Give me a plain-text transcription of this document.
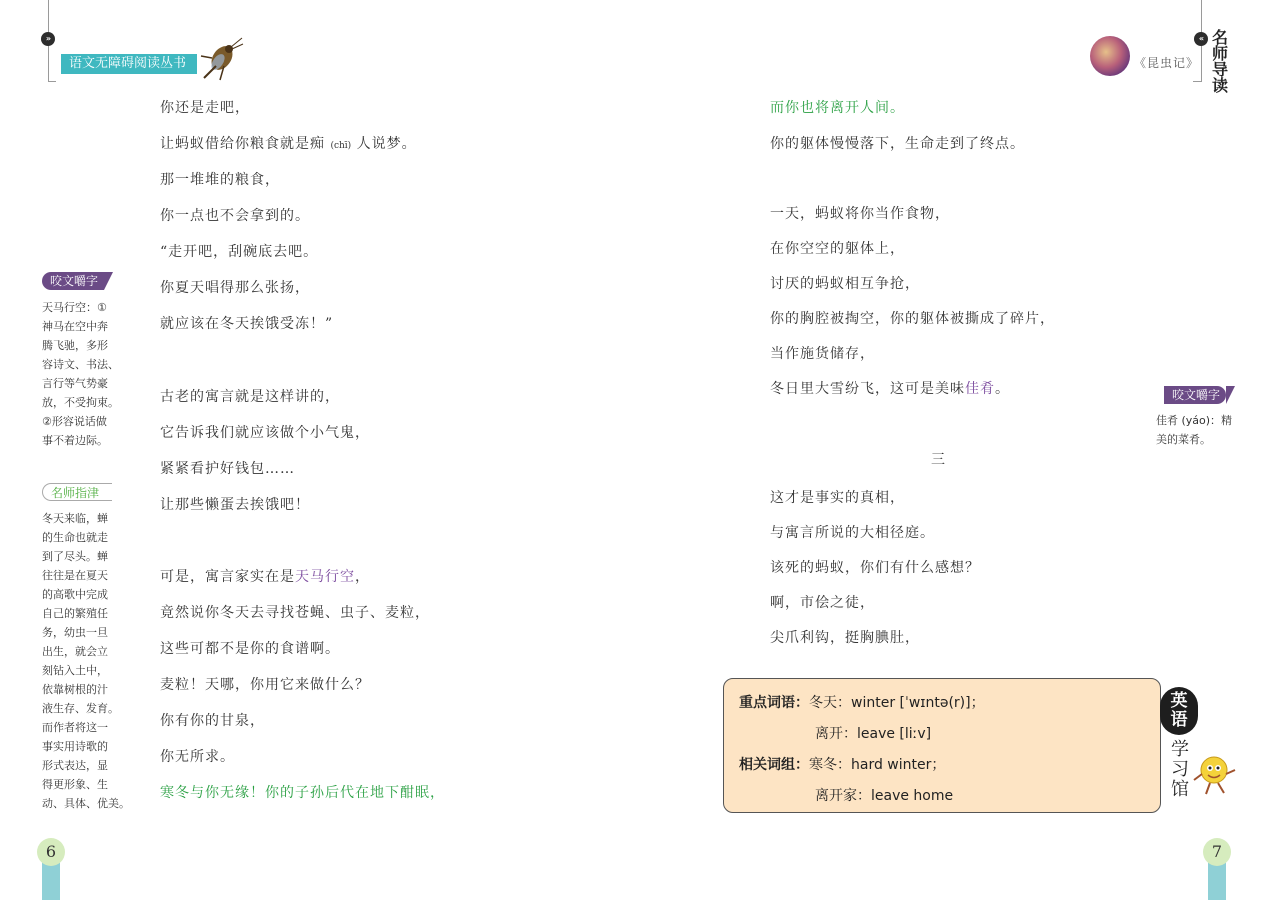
»
语文无障碍阅读丛书
«
《昆虫记》
名
师
导
读
咬文嚼字
天马行空：①
神马在空中奔
腾飞驰，多形
容诗文、书法、
言行等气势豪
放，不受拘束。
②形容说话做
事不着边际。
名师指津
冬天来临，蝉
的生命也就走
到了尽头。蝉
往往是在夏天
的高歌中完成
自己的繁殖任
务，幼虫一旦
出生，就会立
刻钻入土中，
依靠树根的汁
液生存、发育。
而作者将这一
事实用诗歌的
形式表达，显
得更形象、生
动、具体、优美。
你还是走吧，
让蚂蚁借给你粮食就是痴 (chī) 人说梦。
那一堆堆的粮食，
你一点也不会拿到的。
“走开吧，刮碗底去吧。
你夏天唱得那么张扬，
就应该在冬天挨饿受冻！”
古老的寓言就是这样讲的，
它告诉我们就应该做个小气鬼，
紧紧看护好钱包……
让那些懒蛋去挨饿吧！
可是，寓言家实在是天马行空，
竟然说你冬天去寻找苍蝇、虫子、麦粒，
这些可都不是你的食谱啊。
麦粒！天哪，你用它来做什么？
你有你的甘泉，
你无所求。
寒冬与你无缘！你的子孙后代在地下酣眠，
而你也将离开人间。
你的躯体慢慢落下，生命走到了终点。
一天，蚂蚁将你当作食物，
在你空空的躯体上，
讨厌的蚂蚁相互争抢，
你的胸腔被掏空，你的躯体被撕成了碎片，
当作施货储存，
冬日里大雪纷飞，这可是美味佳肴。
三
这才是事实的真相，
与寓言所说的大相径庭。
该死的蚂蚁，你们有什么感想？
啊，市侩之徒，
尖爪利钩，挺胸腆肚，
咬文嚼字
佳肴 (yáo)：精
美的菜肴。
重点词语：冬天：winter [ˈwɪntə(r)]；
离开：leave [liːv]
相关词组：寒冬：hard winter；
离开家：leave home
英
语
学
习
馆
6	7
